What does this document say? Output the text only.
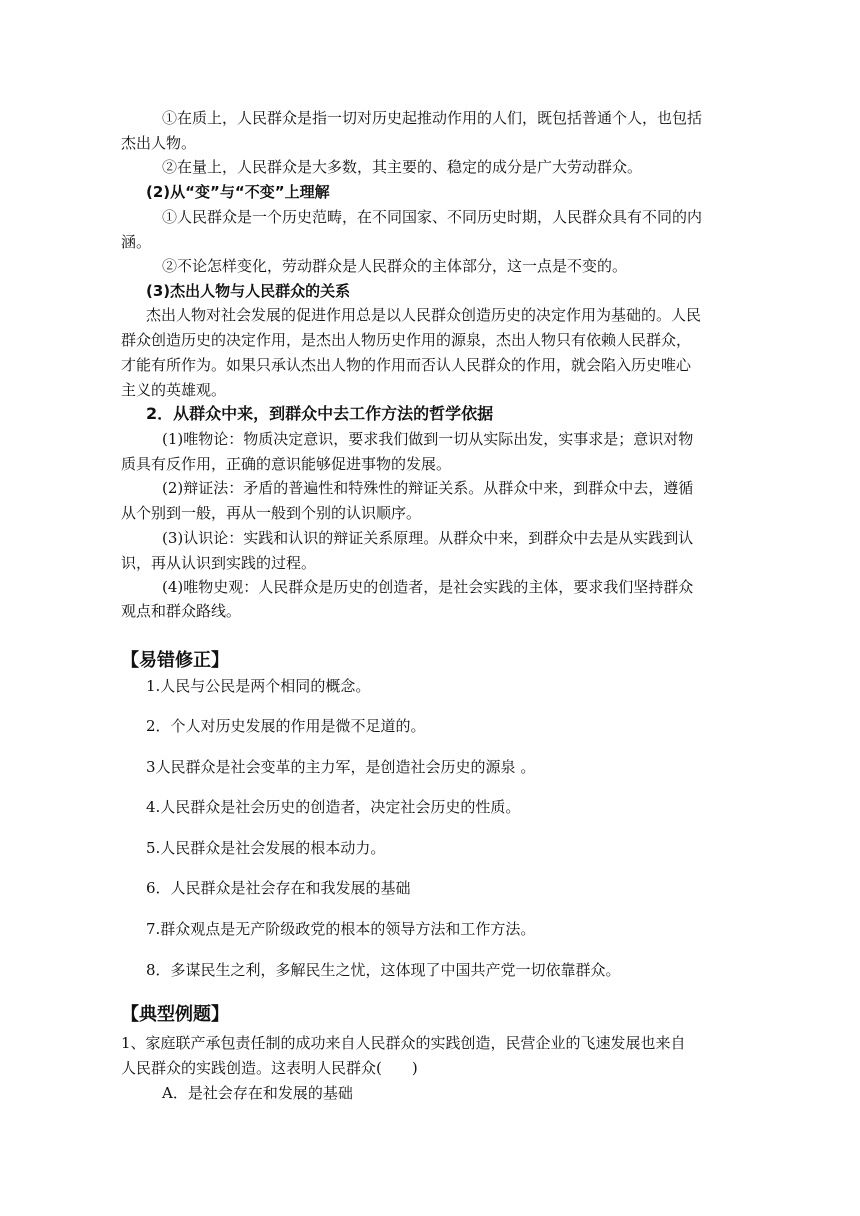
①在质上，人民群众是指一切对历史起推动作用的人们，既包括普通个人，也包括
杰出人物。
②在量上，人民群众是大多数，其主要的、稳定的成分是广大劳动群众。
(2)从“变”与“不变”上理解
①人民群众是一个历史范畴，在不同国家、不同历史时期，人民群众具有不同的内
涵。
②不论怎样变化，劳动群众是人民群众的主体部分，这一点是不变的。
(3)杰出人物与人民群众的关系
杰出人物对社会发展的促进作用总是以人民群众创造历史的决定作用为基础的。人民
群众创造历史的决定作用，是杰出人物历史作用的源泉，杰出人物只有依赖人民群众，
才能有所作为。如果只承认杰出人物的作用而否认人民群众的作用，就会陷入历史唯心
主义的英雄观。
2．从群众中来，到群众中去工作方法的哲学依据
(1)唯物论：物质决定意识，要求我们做到一切从实际出发，实事求是；意识对物
质具有反作用，正确的意识能够促进事物的发展。
(2)辩证法：矛盾的普遍性和特殊性的辩证关系。从群众中来，到群众中去，遵循
从个别到一般，再从一般到个别的认识顺序。
(3)认识论：实践和认识的辩证关系原理。从群众中来，到群众中去是从实践到认
识，再从认识到实践的过程。
(4)唯物史观：人民群众是历史的创造者，是社会实践的主体，要求我们坚持群众
观点和群众路线。
【易错修正】
1.人民与公民是两个相同的概念。
2．个人对历史发展的作用是微不足道的。
3人民群众是社会变革的主力军，是创造社会历史的源泉 。
4.人民群众是社会历史的创造者，决定社会历史的性质。
5.人民群众是社会发展的根本动力。
6．人民群众是社会存在和我发展的基础
7.群众观点是无产阶级政党的根本的领导方法和工作方法。
8．多谋民生之利，多解民生之忧，这体现了中国共产党一切依靠群众。
【典型例题】
1、家庭联产承包责任制的成功来自人民群众的实践创造，民营企业的飞速发展也来自
人民群众的实践创造。这表明人民群众(　　)
A．是社会存在和发展的基础
